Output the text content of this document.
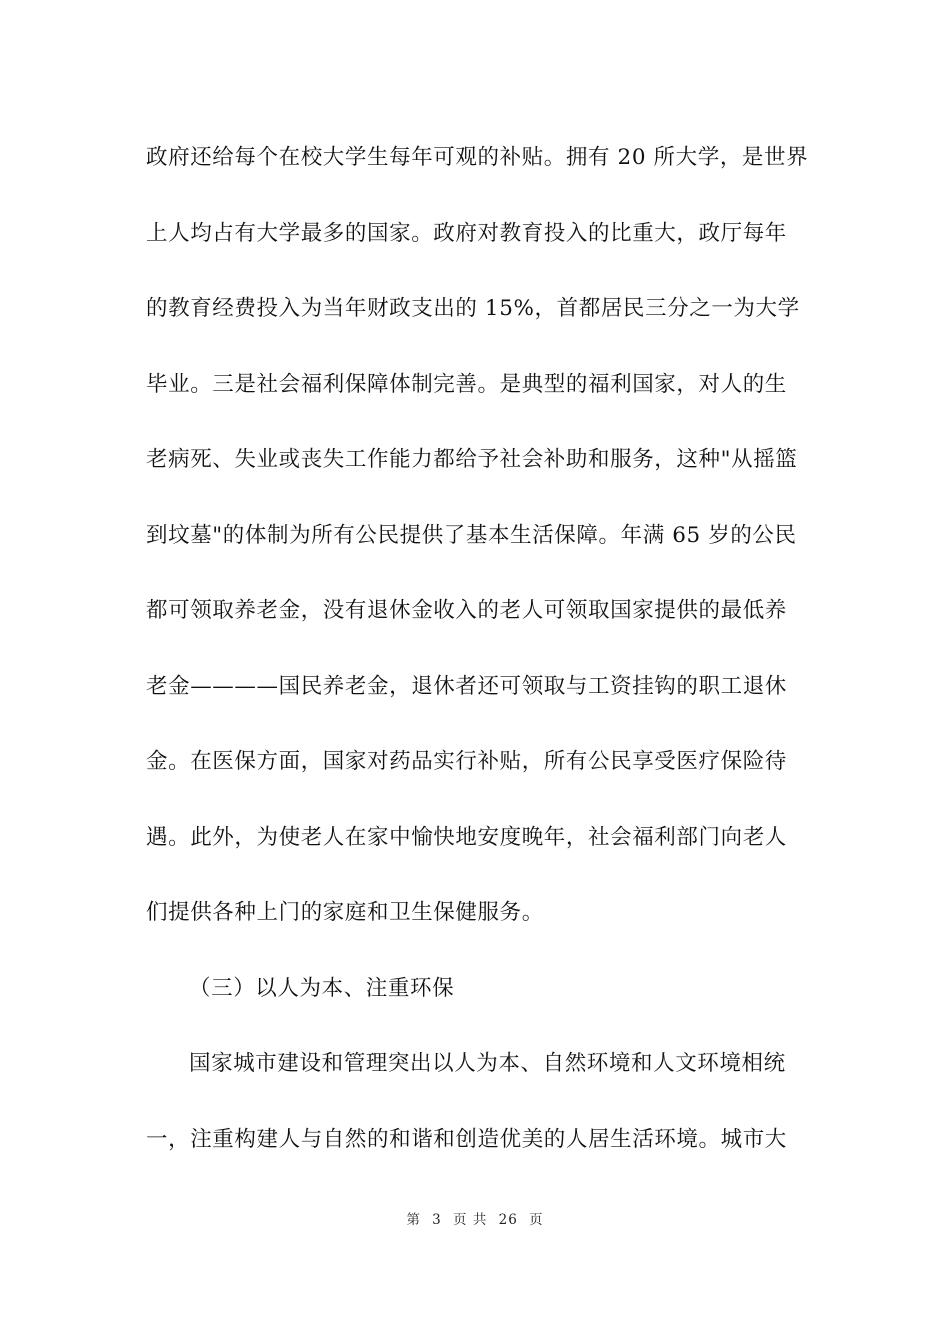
政府还给每个在校大学生每年可观的补贴。拥有 20 所大学，是世界
上人均占有大学最多的国家。政府对教育投入的比重大，政厅每年
的教育经费投入为当年财政支出的 15%，首都居民三分之一为大学
毕业。三是社会福利保障体制完善。是典型的福利国家，对人的生
老病死、失业或丧失工作能力都给予社会补助和服务，这种"从摇篮
到坟墓"的体制为所有公民提供了基本生活保障。年满 65 岁的公民
都可领取养老金，没有退休金收入的老人可领取国家提供的最低养
老金————国民养老金，退休者还可领取与工资挂钩的职工退休
金。在医保方面，国家对药品实行补贴，所有公民享受医疗保险待
遇。此外，为使老人在家中愉快地安度晚年，社会福利部门向老人
们提供各种上门的家庭和卫生保健服务。
（三）以人为本、注重环保
国家城市建设和管理突出以人为本、自然环境和人文环境相统
一，注重构建人与自然的和谐和创造优美的人居生活环境。城市大
第 3 页 共 26 页
